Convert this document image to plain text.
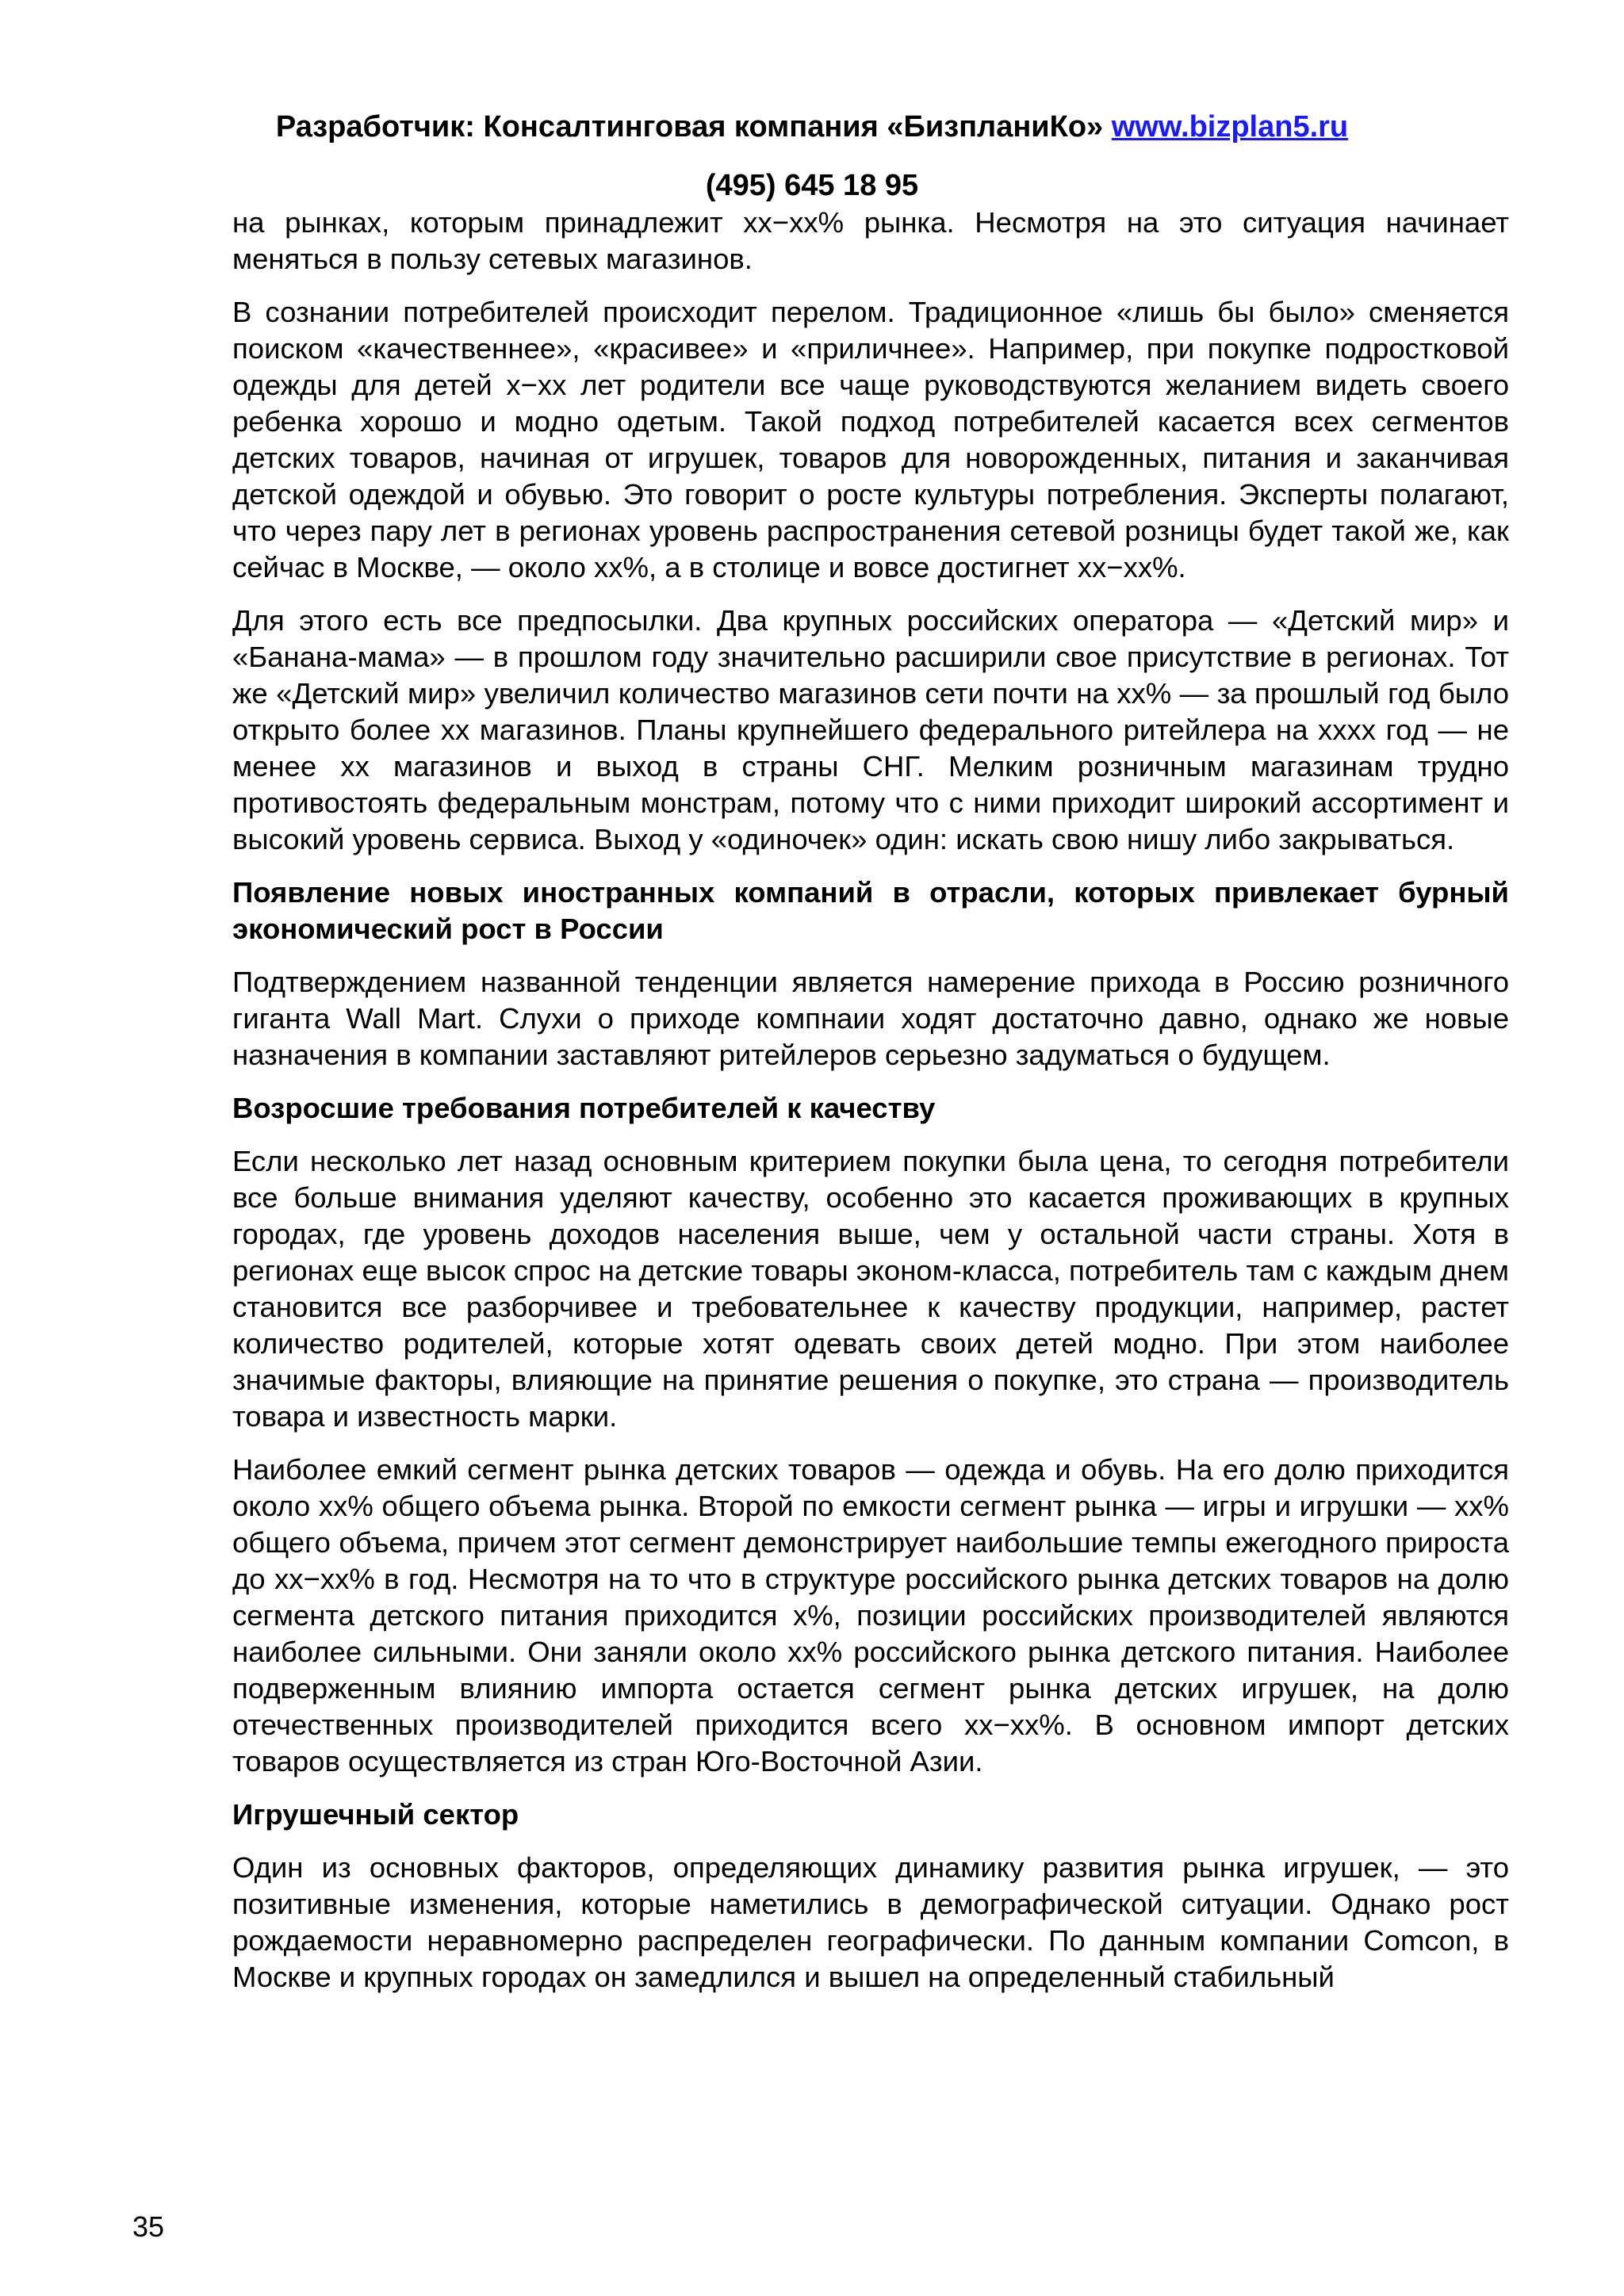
Разработчик: Консалтинговая компания «БизпланиКо» www.bizplan5.ru
(495) 645 18 95

на рынках, которым принадлежит хх−хх% рынка. Несмотря на это ситуация начинает меняться в пользу сетевых магазинов.

В сознании потребителей происходит перелом. Традиционное «лишь бы было» сменяется поиском «качественнее», «красивее» и «приличнее». Например, при покупке подростковой одежды для детей х−хх лет родители все чаще руководствуются желанием видеть своего ребенка хорошо и модно одетым. Такой подход потребителей касается всех сегментов детских товаров, начиная от игрушек, товаров для новорожденных, питания и заканчивая детской одеждой и обувью. Это говорит о росте культуры потребления. Эксперты полагают, что через пару лет в регионах уровень распространения сетевой розницы будет такой же, как сейчас в Москве, — около хх%, а в столице и вовсе достигнет хх−хх%.

Для этого есть все предпосылки. Два крупных российских оператора — «Детский мир» и «Банана-мама» — в прошлом году значительно расширили свое присутствие в регионах. Тот же «Детский мир» увеличил количество магазинов сети почти на хх% — за прошлый год было открыто более хх магазинов. Планы крупнейшего федерального ритейлера на хххх год — не менее хх магазинов и выход в страны СНГ. Мелким розничным магазинам трудно противостоять федеральным монстрам, потому что с ними приходит широкий ассортимент и высокий уровень сервиса. Выход у «одиночек» один: искать свою нишу либо закрываться.

Появление новых иностранных компаний в отрасли, которых привлекает бурный экономический рост в России

Подтверждением названной тенденции является намерение прихода в Россию розничного гиганта Wall Mart. Слухи о приходе компнаии ходят достаточно давно, однако же новые назначения в компании заставляют ритейлеров серьезно задуматься о будущем.

Возросшие требования потребителей к качеству

Если несколько лет назад основным критерием покупки была цена, то сегодня потребители все больше внимания уделяют качеству, особенно это касается проживающих в крупных городах, где уровень доходов населения выше, чем у остальной части страны. Хотя в регионах еще высок спрос на детские товары эконом-класса, потребитель там с каждым днем становится все разборчивее и требовательнее к качеству продукции, например, растет количество родителей, которые хотят одевать своих детей модно. При этом наиболее значимые факторы, влияющие на принятие решения о покупке, это страна — производитель товара и известность марки.

Наиболее емкий сегмент рынка детских товаров — одежда и обувь. На его долю приходится около хх% общего объема рынка. Второй по емкости сегмент рынка — игры и игрушки — хх% общего объема, причем этот сегмент демонстрирует наибольшие темпы ежегодного прироста до хх−хх% в год. Несмотря на то что в структуре российского рынка детских товаров на долю сегмента детского питания приходится х%, позиции российских производителей являются наиболее сильными. Они заняли около хх% российского рынка детского питания. Наиболее подверженным влиянию импорта остается сегмент рынка детских игрушек, на долю отечественных производителей приходится всего хх−хх%. В основном импорт детских товаров осуществляется из стран Юго-Восточной Азии.

Игрушечный сектор

Один из основных факторов, определяющих динамику развития рынка игрушек, — это позитивные изменения, которые наметились в демографической ситуации. Однако рост рождаемости неравномерно распределен географически. По данным компании Comcon, в Москве и крупных городах он замедлился и вышел на определенный стабильный

35
